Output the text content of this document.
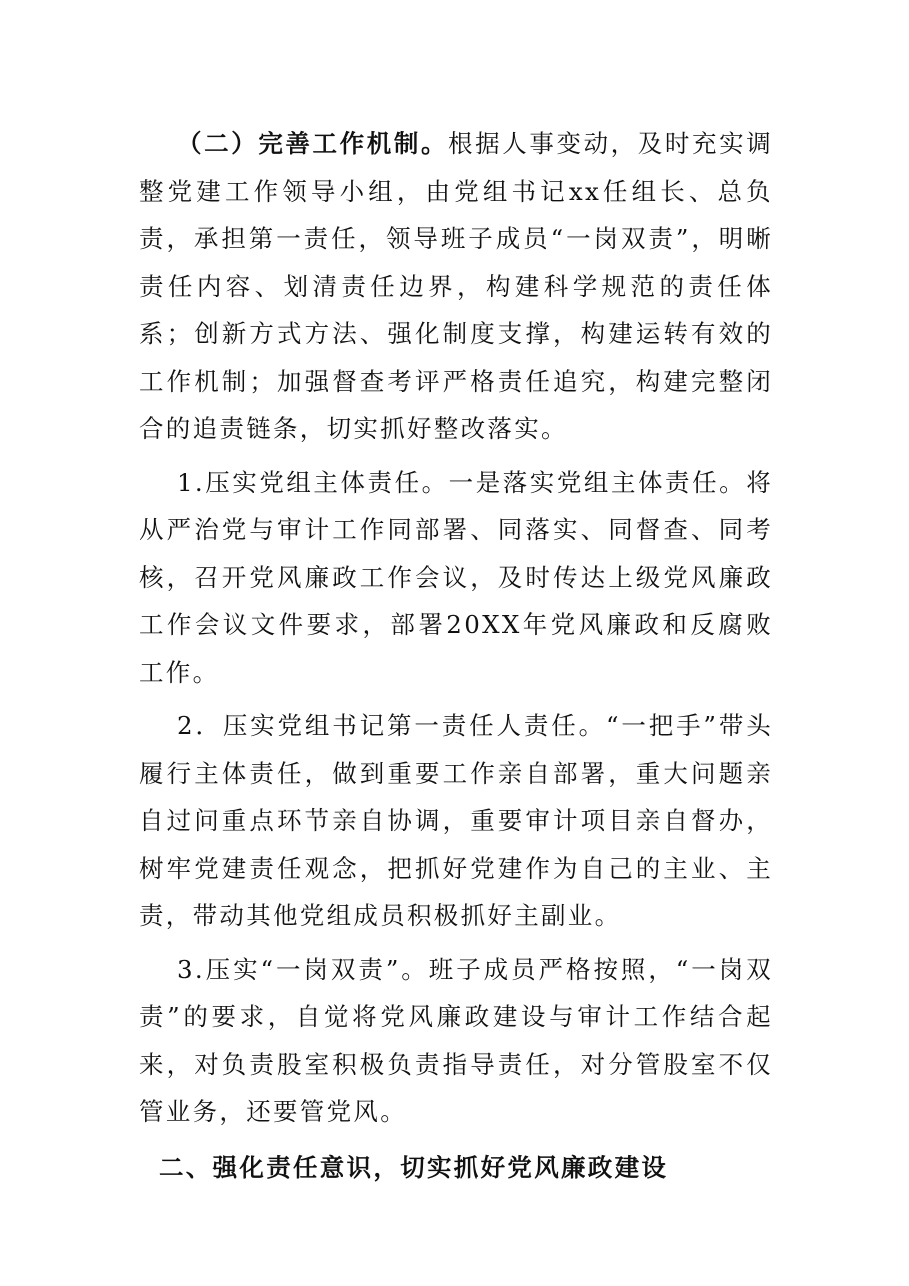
（二）完善工作机制。根据人事变动，及时充实调整党建工作领导小组，由党组书记xx任组长、总负责，承担第一责任，领导班子成员“一岗双责”，明晰责任内容、划清责任边界，构建科学规范的责任体系；创新方式方法、强化制度支撑，构建运转有效的工作机制；加强督查考评严格责任追究，构建完整闭合的追责链条，切实抓好整改落实。

1.压实党组主体责任。一是落实党组主体责任。将从严治党与审计工作同部署、同落实、同督查、同考核，召开党风廉政工作会议，及时传达上级党风廉政工作会议文件要求，部署20XX年党风廉政和反腐败工作。

2．压实党组书记第一责任人责任。“一把手”带头履行主体责任，做到重要工作亲自部署，重大问题亲自过问重点环节亲自协调，重要审计项目亲自督办，树牢党建责任观念，把抓好党建作为自己的主业、主责，带动其他党组成员积极抓好主副业。

3.压实“一岗双责”。班子成员严格按照，“一岗双责”的要求，自觉将党风廉政建设与审计工作结合起来，对负责股室积极负责指导责任，对分管股室不仅管业务，还要管党风。

二、强化责任意识，切实抓好党风廉政建设
